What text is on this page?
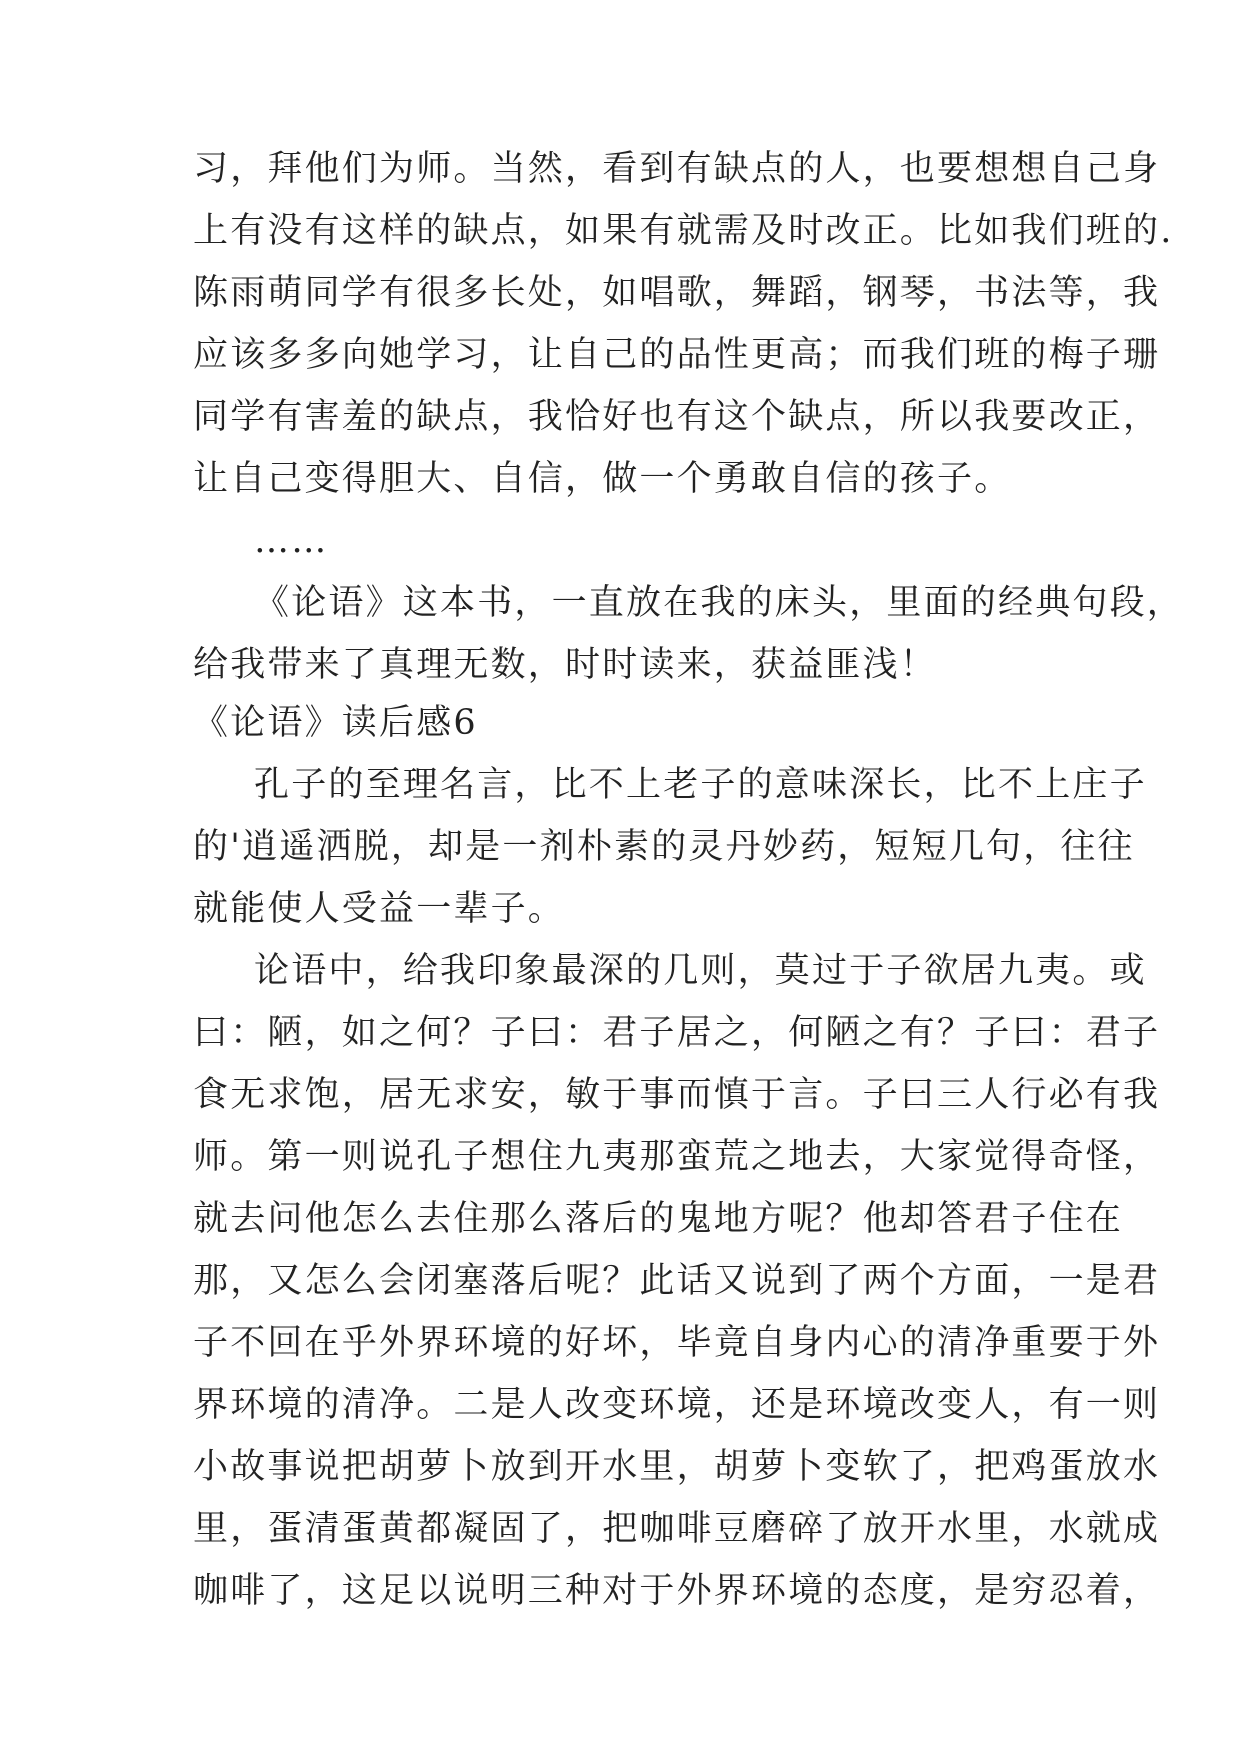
习，拜他们为师。当然，看到有缺点的人，也要想想自己身
上有没有这样的缺点，如果有就需及时改正。比如我们班的.
陈雨萌同学有很多长处，如唱歌，舞蹈，钢琴，书法等，我
应该多多向她学习，让自己的品性更高；而我们班的梅子珊
同学有害羞的缺点，我恰好也有这个缺点，所以我要改正，
让自己变得胆大、自信，做一个勇敢自信的孩子。
……
《论语》这本书，一直放在我的床头，里面的经典句段，
给我带来了真理无数，时时读来，获益匪浅！
《论语》读后感6
孔子的至理名言，比不上老子的意味深长，比不上庄子
的'逍遥洒脱，却是一剂朴素的灵丹妙药，短短几句，往往
就能使人受益一辈子。
论语中，给我印象最深的几则，莫过于子欲居九夷。或
曰：陋，如之何？子曰：君子居之，何陋之有？子曰：君子
食无求饱，居无求安，敏于事而慎于言。子曰三人行必有我
师。第一则说孔子想住九夷那蛮荒之地去，大家觉得奇怪，
就去问他怎么去住那么落后的鬼地方呢？他却答君子住在
那，又怎么会闭塞落后呢？此话又说到了两个方面，一是君
子不回在乎外界环境的好坏，毕竟自身内心的清净重要于外
界环境的清净。二是人改变环境，还是环境改变人，有一则
小故事说把胡萝卜放到开水里，胡萝卜变软了，把鸡蛋放水
里，蛋清蛋黄都凝固了，把咖啡豆磨碎了放开水里，水就成
咖啡了，这足以说明三种对于外界环境的态度，是穷忍着，
